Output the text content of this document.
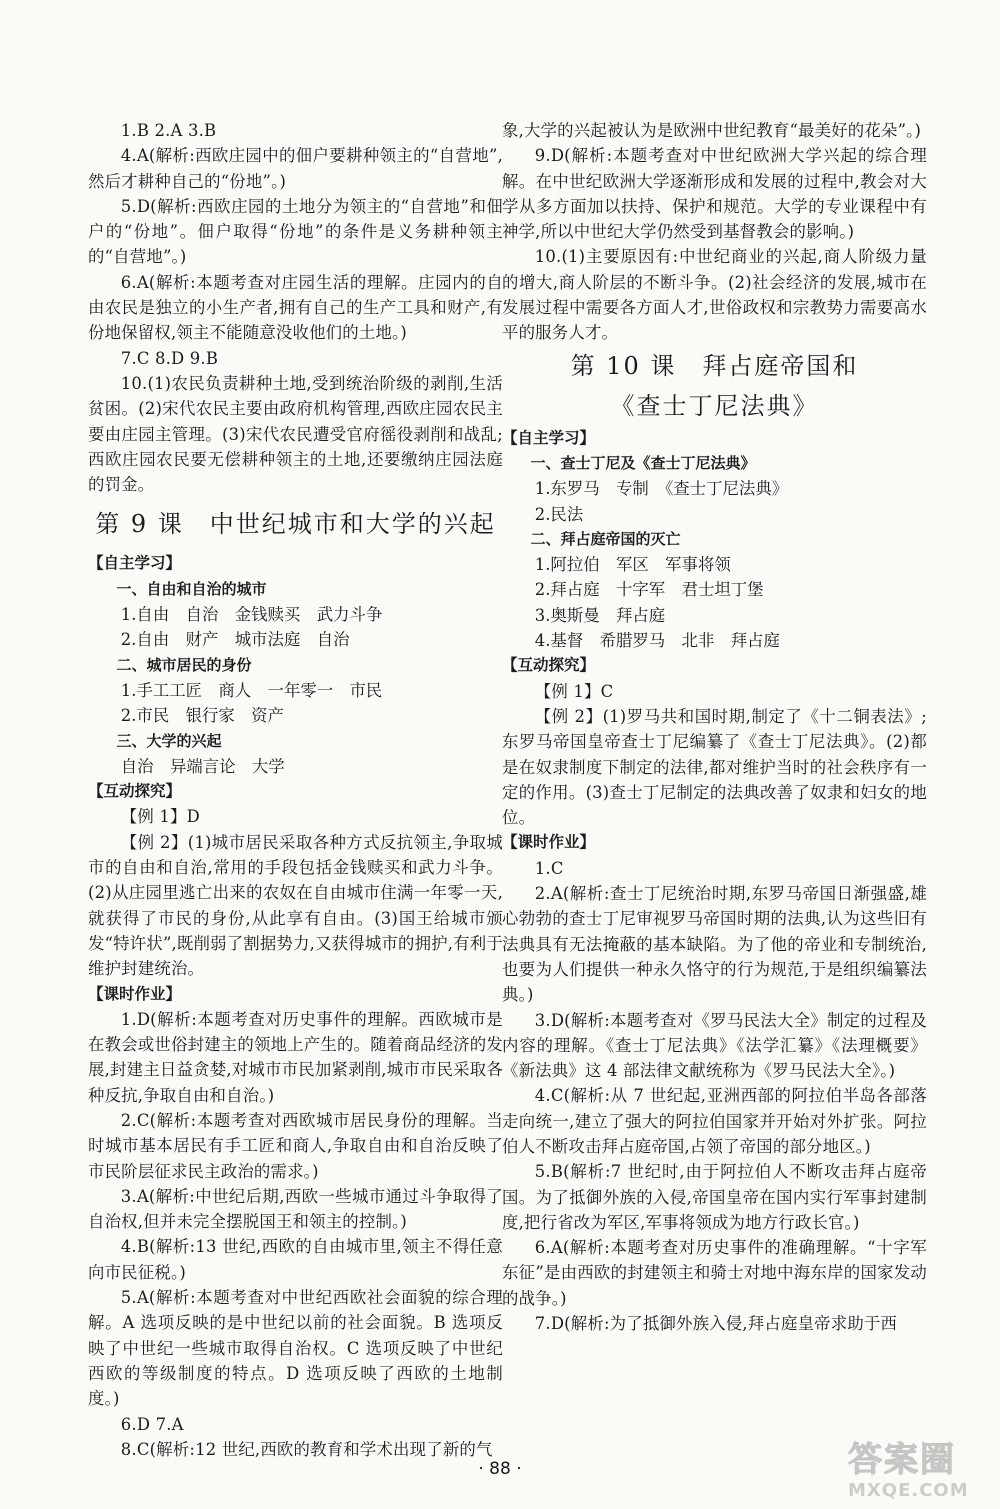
1.B 2.A 3.B

4.A(解析:西欧庄园中的佃户要耕种领主的“自营地”,然后才耕种自己的“份地”。)

5.D(解析:西欧庄园的土地分为领主的“自营地”和佃户的“份地”。佃户取得“份地”的条件是义务耕种领主的“自营地”。)

6.A(解析:本题考查对庄园生活的理解。庄园内的自由农民是独立的小生产者,拥有自己的生产工具和财产,有份地保留权,领主不能随意没收他们的土地。)

7.C 8.D 9.B

10.(1)农民负责耕种土地,受到统治阶级的剥削,生活贫困。(2)宋代农民主要由政府机构管理,西欧庄园农民主要由庄园主管理。(3)宋代农民遭受官府徭役剥削和战乱;西欧庄园农民要无偿耕种领主的土地,还要缴纳庄园法庭的罚金。

第 9 课　中世纪城市和大学的兴起

【自主学习】

一、自由和自治的城市

1.自由　自治　金钱赎买　武力斗争

2.自由　财产　城市法庭　自治

二、城市居民的身份

1.手工工匠　商人　一年零一　市民

2.市民　银行家　资产

三、大学的兴起

自治　异端言论　大学

【互动探究】

【例 1】D

【例 2】(1)城市居民采取各种方式反抗领主,争取城市的自由和自治,常用的手段包括金钱赎买和武力斗争。(2)从庄园里逃亡出来的农奴在自由城市住满一年零一天,就获得了市民的身份,从此享有自由。(3)国王给城市颁发“特许状”,既削弱了割据势力,又获得城市的拥护,有利于维护封建统治。

【课时作业】

1.D(解析:本题考查对历史事件的理解。西欧城市是在教会或世俗封建主的领地上产生的。随着商品经济的发展,封建主日益贪婪,对城市市民加紧剥削,城市市民采取各种反抗,争取自由和自治。)

2.C(解析:本题考查对西欧城市居民身份的理解。当时城市基本居民有手工匠和商人,争取自由和自治反映了市民阶层征求民主政治的需求。)

3.A(解析:中世纪后期,西欧一些城市通过斗争取得了自治权,但并未完全摆脱国王和领主的控制。)

4.B(解析:13 世纪,西欧的自由城市里,领主不得任意向市民征税。)

5.A(解析:本题考查对中世纪西欧社会面貌的综合理解。A 选项反映的是中世纪以前的社会面貌。B 选项反映了中世纪一些城市取得自治权。C 选项反映了中世纪西欧的等级制度的特点。D 选项反映了西欧的土地制度。)

6.D 7.A

8.C(解析:12 世纪,西欧的教育和学术出现了新的气

象,大学的兴起被认为是欧洲中世纪教育“最美好的花朵”。)

9.D(解析:本题考查对中世纪欧洲大学兴起的综合理解。在中世纪欧洲大学逐渐形成和发展的过程中,教会对大学从多方面加以扶持、保护和规范。大学的专业课程中有神学,所以中世纪大学仍然受到基督教会的影响。)

10.(1)主要原因有:中世纪商业的兴起,商人阶级力量的增大,商人阶层的不断斗争。(2)社会经济的发展,城市在发展过程中需要各方面人才,世俗政权和宗教势力需要高水平的服务人才。

第 10 课　拜占庭帝国和
《查士丁尼法典》

【自主学习】

一、查士丁尼及《查士丁尼法典》

1.东罗马　专制　《查士丁尼法典》

2.民法

二、拜占庭帝国的灭亡

1.阿拉伯　军区　军事将领

2.拜占庭　十字军　君士坦丁堡

3.奥斯曼　拜占庭

4.基督　希腊罗马　北非　拜占庭

【互动探究】

【例 1】C

【例 2】(1)罗马共和国时期,制定了《十二铜表法》;东罗马帝国皇帝查士丁尼编纂了《查士丁尼法典》。(2)都是在奴隶制度下制定的法律,都对维护当时的社会秩序有一定的作用。(3)查士丁尼制定的法典改善了奴隶和妇女的地位。

【课时作业】

1.C

2.A(解析:查士丁尼统治时期,东罗马帝国日渐强盛,雄心勃勃的查士丁尼审视罗马帝国时期的法典,认为这些旧有法典具有无法掩蔽的基本缺陷。为了他的帝业和专制统治,也要为人们提供一种永久恪守的行为规范,于是组织编纂法典。)

3.D(解析:本题考查对《罗马民法大全》制定的过程及内容的理解。《查士丁尼法典》《法学汇纂》《法理概要》《新法典》这 4 部法律文献统称为《罗马民法大全》。)

4.C(解析:从 7 世纪起,亚洲西部的阿拉伯半岛各部落走向统一,建立了强大的阿拉伯国家并开始对外扩张。阿拉伯人不断攻击拜占庭帝国,占领了帝国的部分地区。)

5.B(解析:7 世纪时,由于阿拉伯人不断攻击拜占庭帝国。为了抵御外族的入侵,帝国皇帝在国内实行军事封建制度,把行省改为军区,军事将领成为地方行政长官。)

6.A(解析:本题考查对历史事件的准确理解。“十字军东征”是由西欧的封建领主和骑士对地中海东岸的国家发动的战争。)

7.D(解析:为了抵御外族入侵,拜占庭皇帝求助于西

· 88 ·	答案圈
MXQE.COM
